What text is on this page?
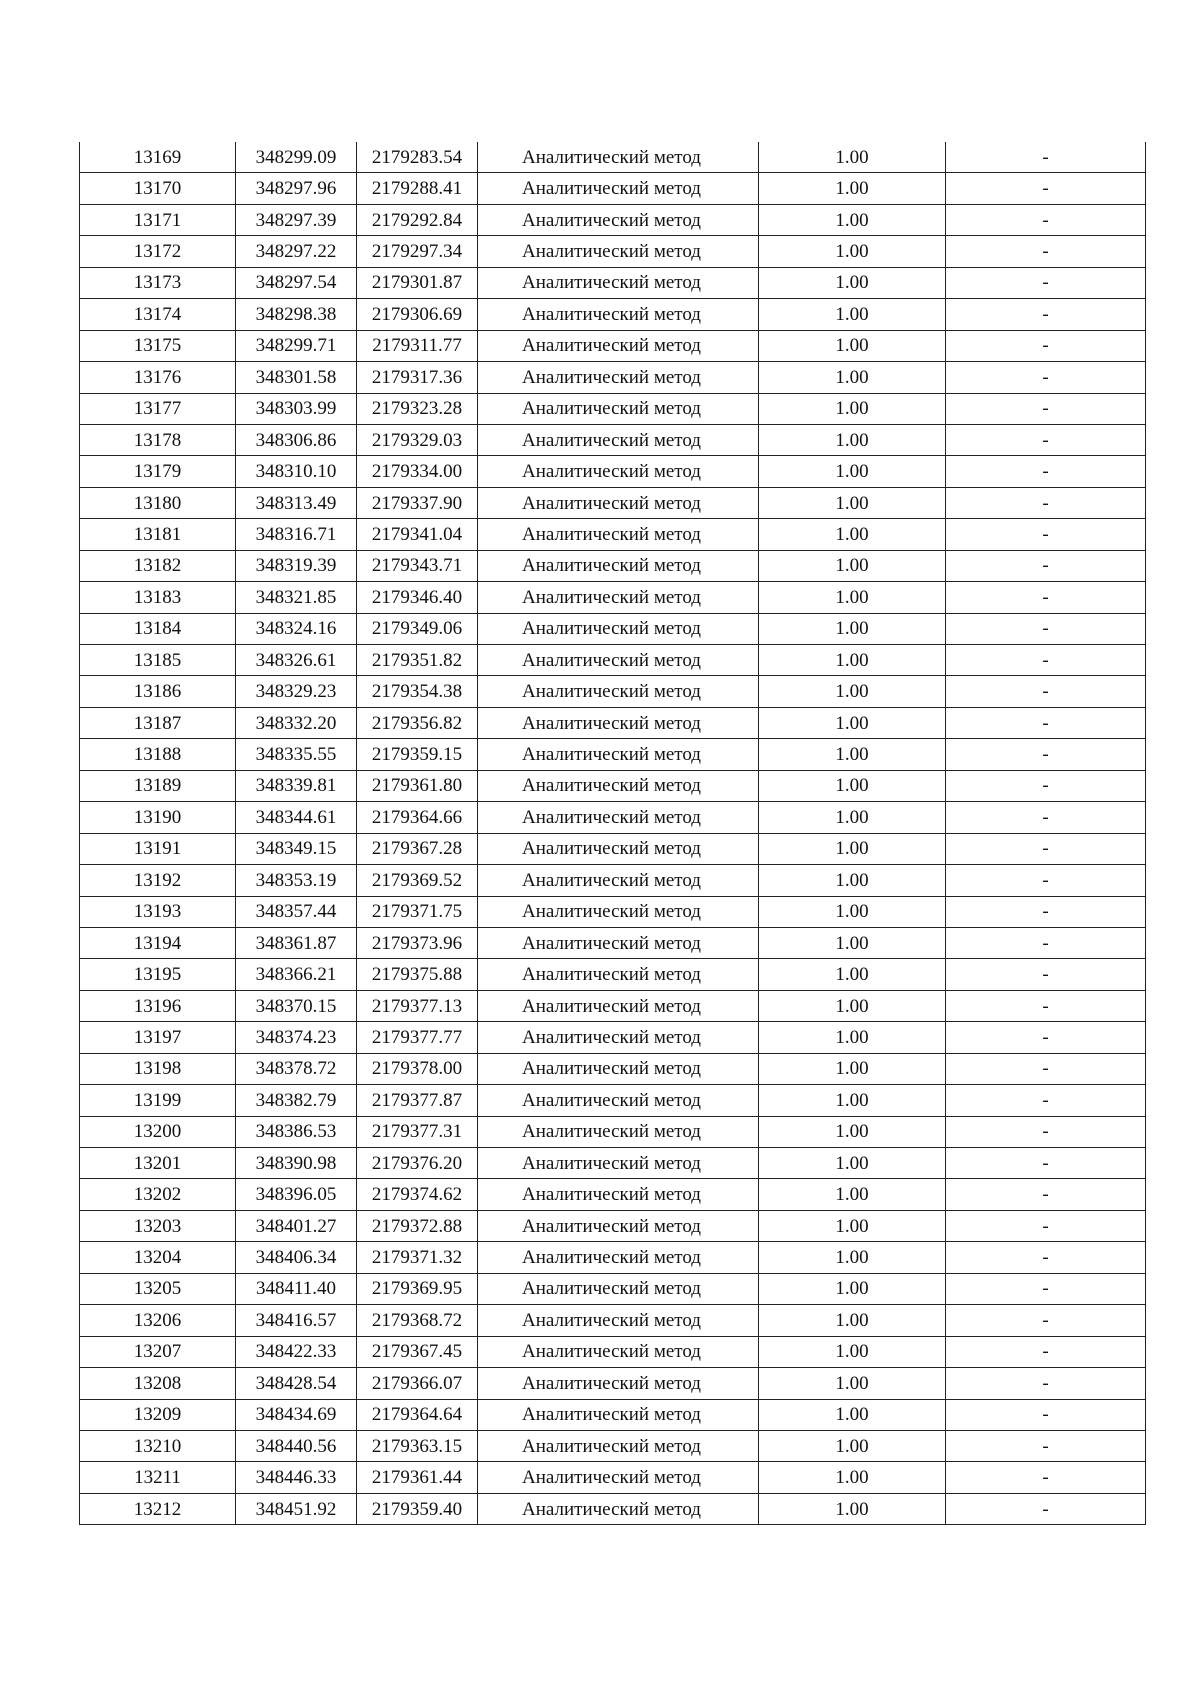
13169	348299.09	2179283.54	Аналитический метод	1.00	-
13170	348297.96	2179288.41	Аналитический метод	1.00	-
13171	348297.39	2179292.84	Аналитический метод	1.00	-
13172	348297.22	2179297.34	Аналитический метод	1.00	-
13173	348297.54	2179301.87	Аналитический метод	1.00	-
13174	348298.38	2179306.69	Аналитический метод	1.00	-
13175	348299.71	2179311.77	Аналитический метод	1.00	-
13176	348301.58	2179317.36	Аналитический метод	1.00	-
13177	348303.99	2179323.28	Аналитический метод	1.00	-
13178	348306.86	2179329.03	Аналитический метод	1.00	-
13179	348310.10	2179334.00	Аналитический метод	1.00	-
13180	348313.49	2179337.90	Аналитический метод	1.00	-
13181	348316.71	2179341.04	Аналитический метод	1.00	-
13182	348319.39	2179343.71	Аналитический метод	1.00	-
13183	348321.85	2179346.40	Аналитический метод	1.00	-
13184	348324.16	2179349.06	Аналитический метод	1.00	-
13185	348326.61	2179351.82	Аналитический метод	1.00	-
13186	348329.23	2179354.38	Аналитический метод	1.00	-
13187	348332.20	2179356.82	Аналитический метод	1.00	-
13188	348335.55	2179359.15	Аналитический метод	1.00	-
13189	348339.81	2179361.80	Аналитический метод	1.00	-
13190	348344.61	2179364.66	Аналитический метод	1.00	-
13191	348349.15	2179367.28	Аналитический метод	1.00	-
13192	348353.19	2179369.52	Аналитический метод	1.00	-
13193	348357.44	2179371.75	Аналитический метод	1.00	-
13194	348361.87	2179373.96	Аналитический метод	1.00	-
13195	348366.21	2179375.88	Аналитический метод	1.00	-
13196	348370.15	2179377.13	Аналитический метод	1.00	-
13197	348374.23	2179377.77	Аналитический метод	1.00	-
13198	348378.72	2179378.00	Аналитический метод	1.00	-
13199	348382.79	2179377.87	Аналитический метод	1.00	-
13200	348386.53	2179377.31	Аналитический метод	1.00	-
13201	348390.98	2179376.20	Аналитический метод	1.00	-
13202	348396.05	2179374.62	Аналитический метод	1.00	-
13203	348401.27	2179372.88	Аналитический метод	1.00	-
13204	348406.34	2179371.32	Аналитический метод	1.00	-
13205	348411.40	2179369.95	Аналитический метод	1.00	-
13206	348416.57	2179368.72	Аналитический метод	1.00	-
13207	348422.33	2179367.45	Аналитический метод	1.00	-
13208	348428.54	2179366.07	Аналитический метод	1.00	-
13209	348434.69	2179364.64	Аналитический метод	1.00	-
13210	348440.56	2179363.15	Аналитический метод	1.00	-
13211	348446.33	2179361.44	Аналитический метод	1.00	-
13212	348451.92	2179359.40	Аналитический метод	1.00	-
